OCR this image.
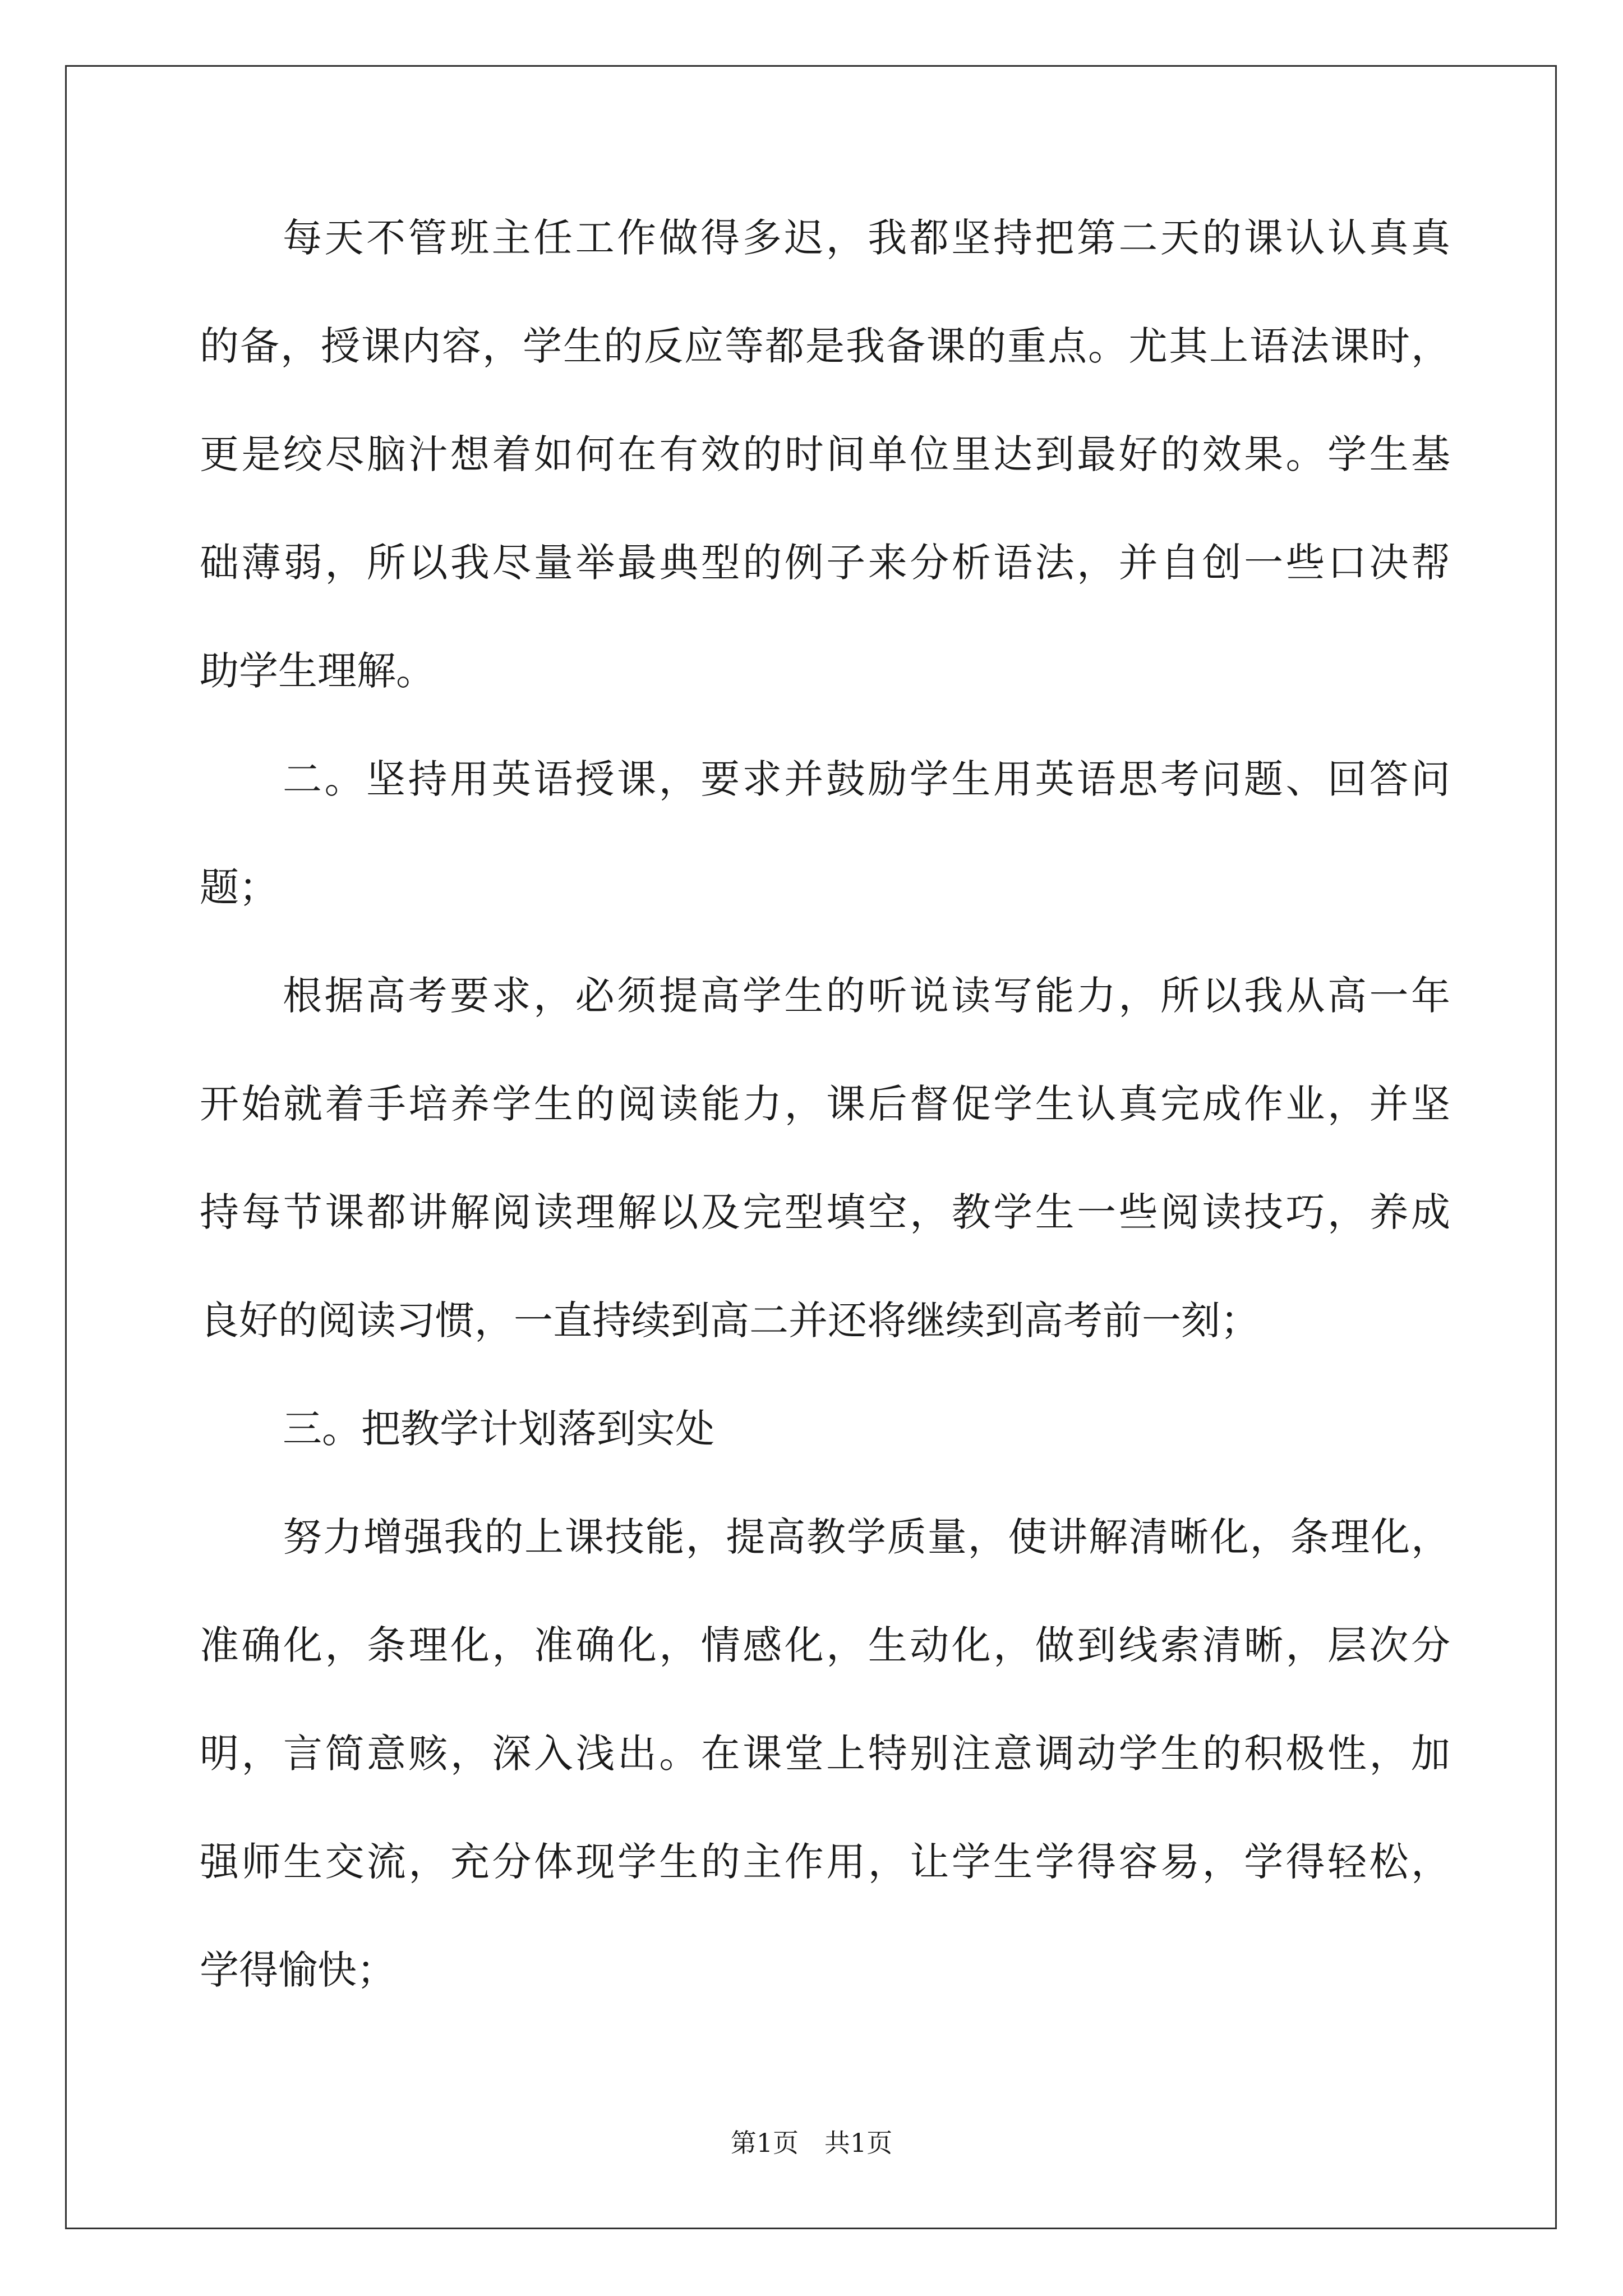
每天不管班主任工作做得多迟，我都坚持把第二天的课认认真真
的备，授课内容，学生的反应等都是我备课的重点。尤其上语法课时，
更是绞尽脑汁想着如何在有效的时间单位里达到最好的效果。学生基
础薄弱，所以我尽量举最典型的例子来分析语法，并自创一些口决帮
助学生理解。
二。坚持用英语授课，要求并鼓励学生用英语思考问题、回答问
题；
根据高考要求，必须提高学生的听说读写能力，所以我从高一年
开始就着手培养学生的阅读能力，课后督促学生认真完成作业，并坚
持每节课都讲解阅读理解以及完型填空，教学生一些阅读技巧，养成
良好的阅读习惯，一直持续到高二并还将继续到高考前一刻；
三。把教学计划落到实处
努力增强我的上课技能，提高教学质量，使讲解清晰化，条理化，
准确化，条理化，准确化，情感化，生动化，做到线索清晰，层次分
明，言简意赅，深入浅出。在课堂上特别注意调动学生的积极性，加
强师生交流，充分体现学生的主作用，让学生学得容易，学得轻松，
学得愉快；
第1页　共1页
